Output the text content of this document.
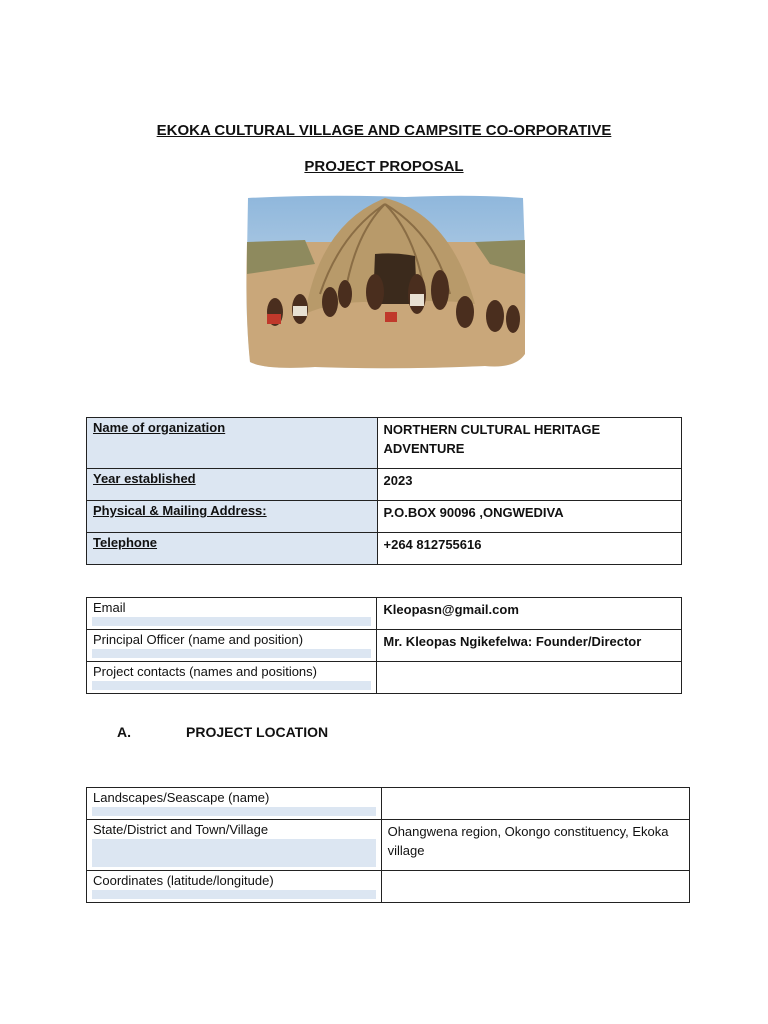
EKOKA CULTURAL VILLAGE AND CAMPSITE CO-ORPORATIVE
PROJECT PROPOSAL
Name of organization	NORTHERN CULTURAL HERITAGE ADVENTURE

Year established	2023

Physical & Mailing Address:	P.O.BOX 90096 ,ONGWEDIVA

Telephone	+264 812755616
Email	Kleopasn@gmail.com

Principal Officer (name and position)	Mr. Kleopas Ngikefelwa: Founder/Director

Project contacts (names and positions)	

A.	PROJECT LOCATION
Landscapes/Seascape (name)	

State/District and Town/Village	Ohangwena region, Okongo constituency, Ekoka village

Coordinates (latitude/longitude)	
